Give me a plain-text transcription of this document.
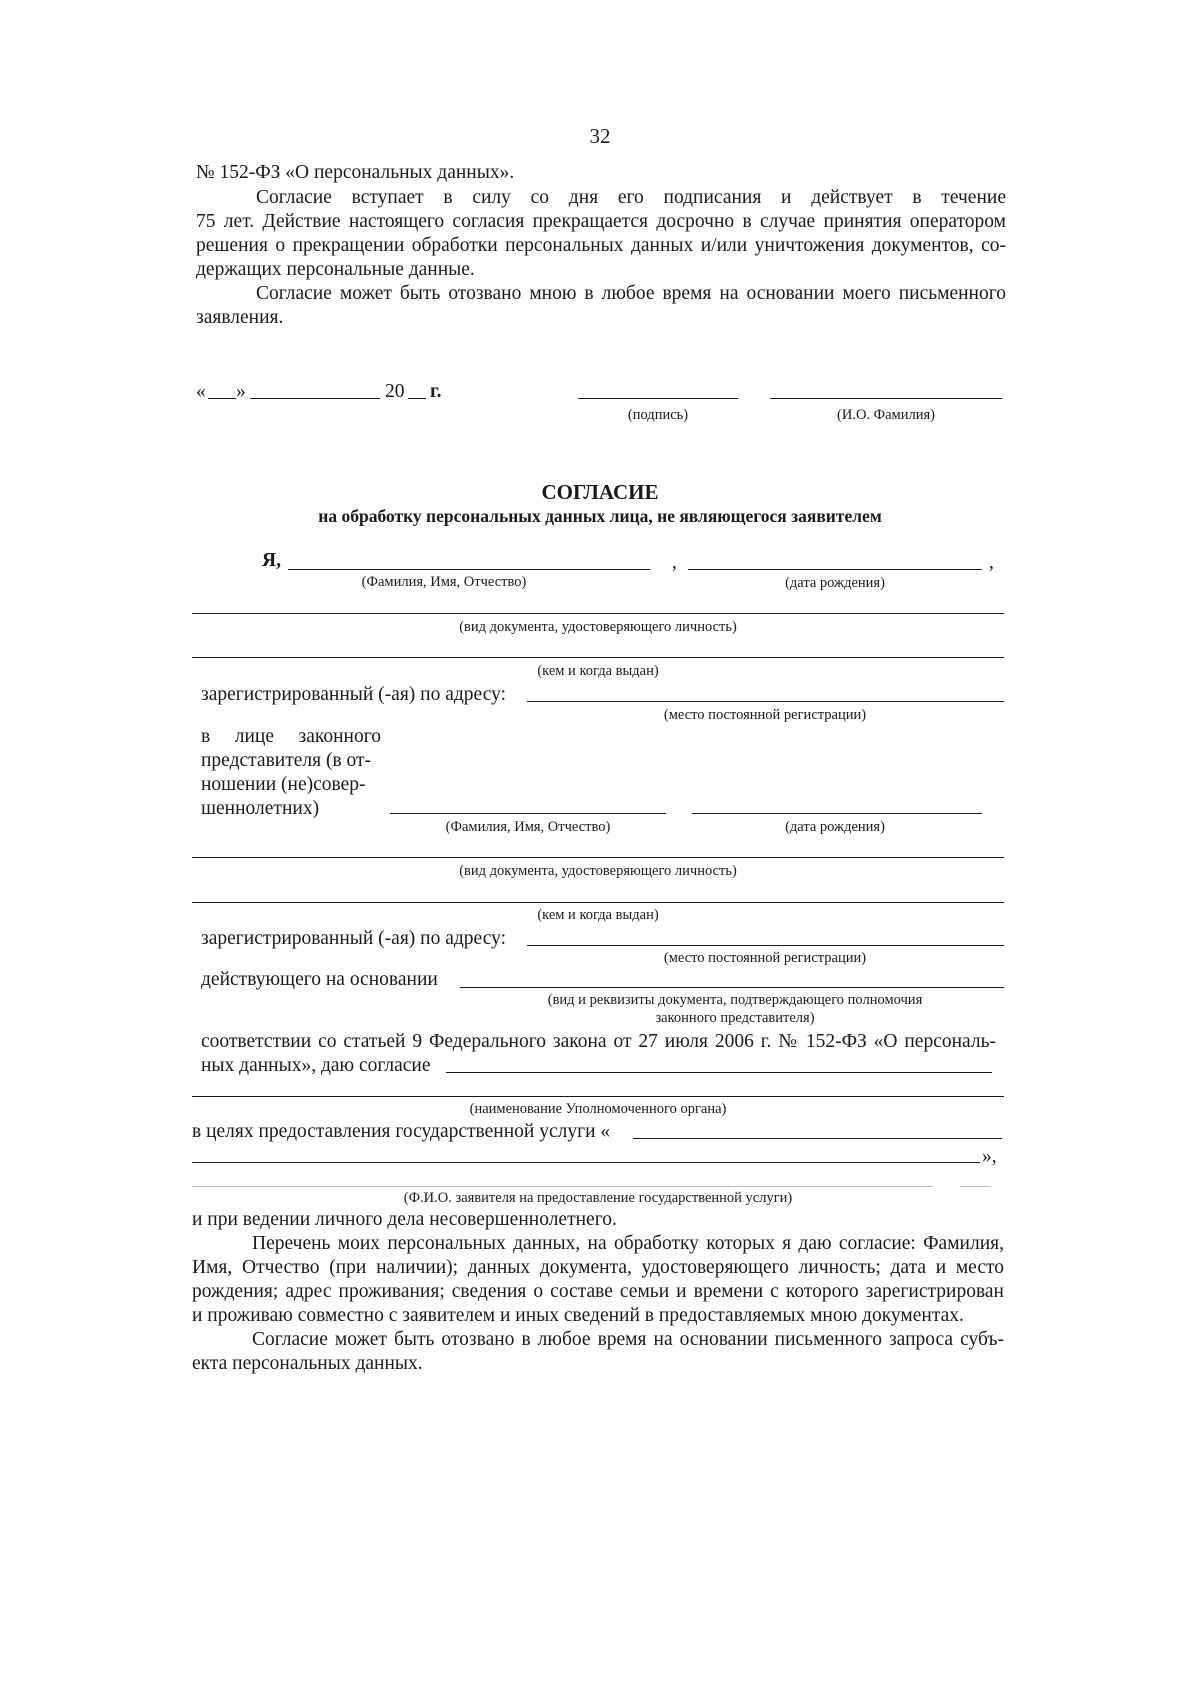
32
№ 152-ФЗ «О персональных данных».
Согласие вступает в силу со дня его подписания и действует в течение
75 лет. Действие настоящего согласия прекращается досрочно в случае принятия оператором
решения о прекращении обработки персональных данных и/или уничтожения документов, со-
держащих персональные данные.
Согласие может быть отозвано мною в любое время на основании моего письменного
заявления.
« »	20 г.
(подпись)	(И.О. Фамилия)
СОГЛАСИЕ
на обработку персональных данных лица, не являющегося заявителем
Я,	,	,
(Фамилия, Имя, Отчество)	(дата рождения)
(вид документа, удостоверяющего личность)
(кем и когда выдан)
зарегистрированный (-ая) по адресу:
(место постоянной регистрации)
в лице законного
представителя (в от-
ношении (не)совер-
шеннолетних)
(Фамилия, Имя, Отчество)	(дата рождения)
(вид документа, удостоверяющего личность)
(кем и когда выдан)
зарегистрированный (-ая) по адресу:
(место постоянной регистрации)
действующего на основании
(вид и реквизиты документа, подтверждающего полномочия
законного представителя)
соответствии со статьей 9 Федерального закона от 27 июля 2006 г. № 152-ФЗ «О персональ-
ных данных», даю согласие
(наименование Уполномоченного органа)
в целях предоставления государственной услуги «
»,
(Ф.И.О. заявителя на предоставление государственной услуги)
и при ведении личного дела несовершеннолетнего.
Перечень моих персональных данных, на обработку которых я даю согласие: Фамилия,
Имя, Отчество (при наличии); данных документа, удостоверяющего личность; дата и место
рождения; адрес проживания; сведения о составе семьи и времени с которого зарегистрирован
и проживаю совместно с заявителем и иных сведений в предоставляемых мною документах.
Согласие может быть отозвано в любое время на основании письменного запроса субъ-
екта персональных данных.
